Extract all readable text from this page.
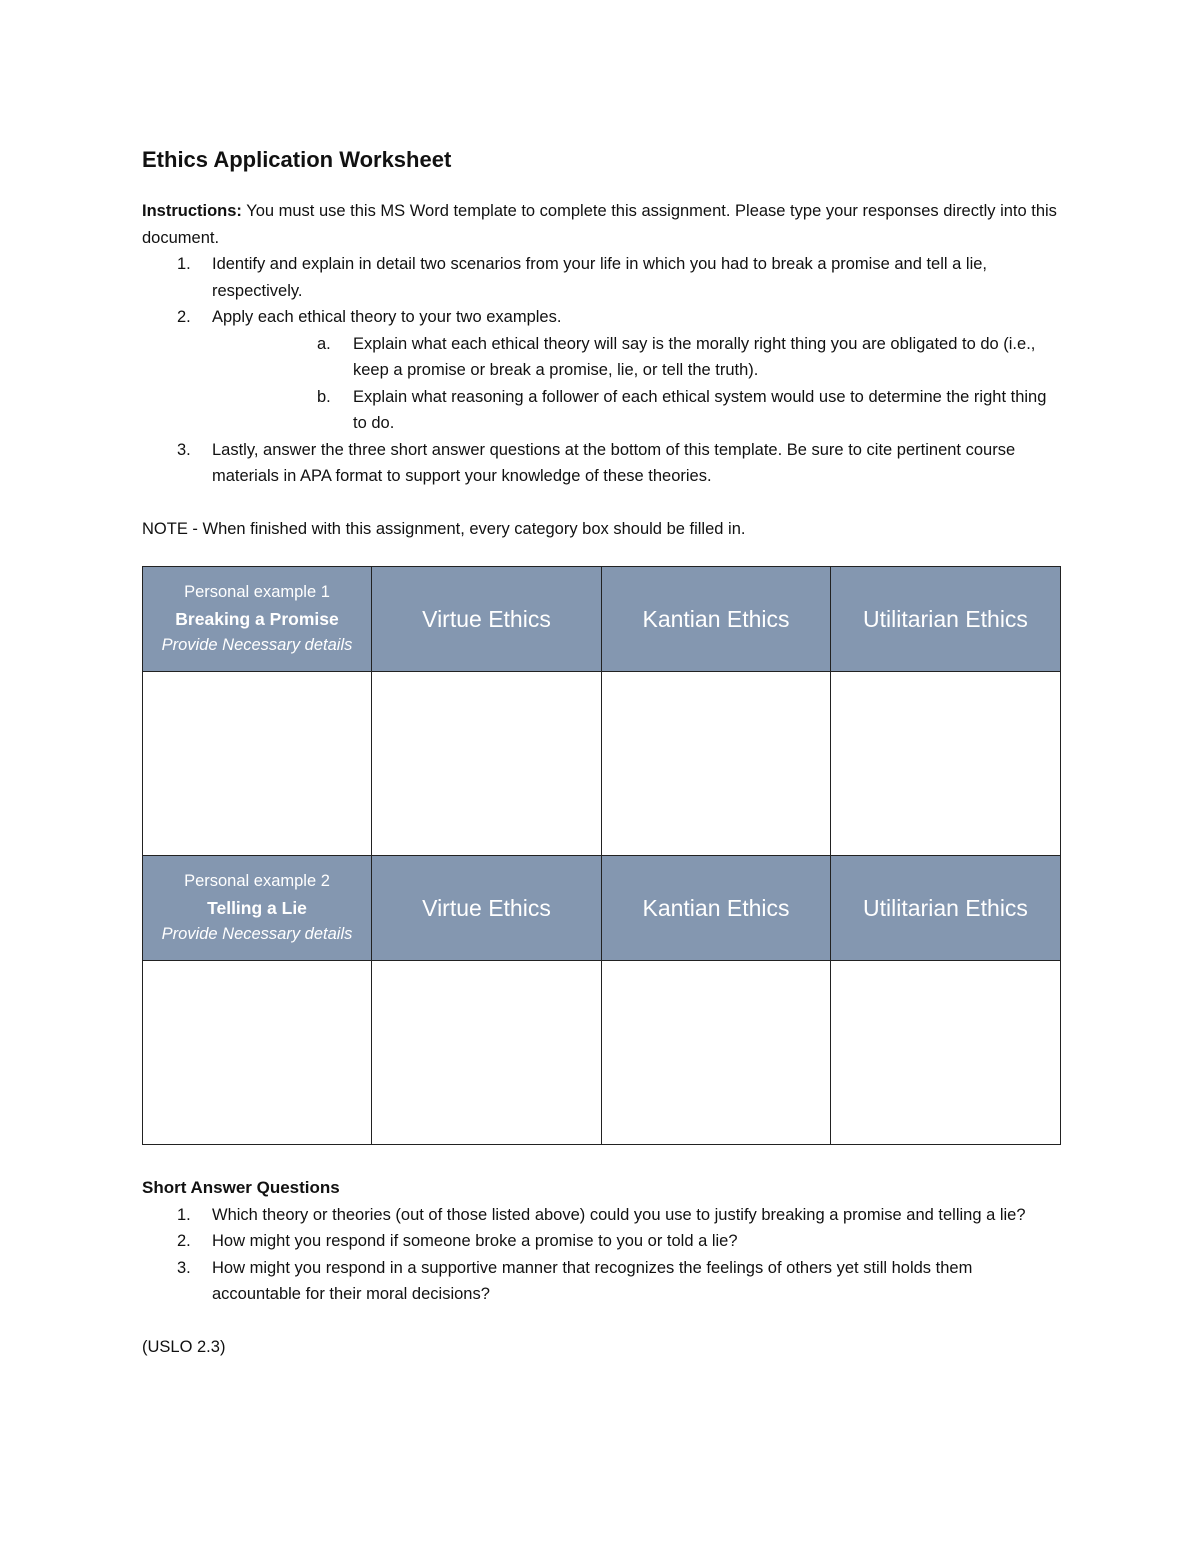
Ethics Application Worksheet

Instructions: You must use this MS Word template to complete this assignment. Please type your responses directly into this document.

1. Identify and explain in detail two scenarios from your life in which you had to break a promise and tell a lie, respectively.
2. Apply each ethical theory to your two examples.
a. Explain what each ethical theory will say is the morally right thing you are obligated to do (i.e., keep a promise or break a promise, lie, or tell the truth).
b. Explain what reasoning a follower of each ethical system would use to determine the right thing to do.
3. Lastly, answer the three short answer questions at the bottom of this template. Be sure to cite pertinent course materials in APA format to support your knowledge of these theories.

NOTE - When finished with this assignment, every category box should be filled in.

Personal example 1
Breaking a Promise
Provide Necessary details	Virtue Ethics	Kantian Ethics	Utilitarian Ethics

Personal example 2
Telling a Lie
Provide Necessary details	Virtue Ethics	Kantian Ethics	Utilitarian Ethics

Short Answer Questions
1. Which theory or theories (out of those listed above) could you use to justify breaking a promise and telling a lie?
2. How might you respond if someone broke a promise to you or told a lie?
3. How might you respond in a supportive manner that recognizes the feelings of others yet still holds them accountable for their moral decisions?

(USLO 2.3)
